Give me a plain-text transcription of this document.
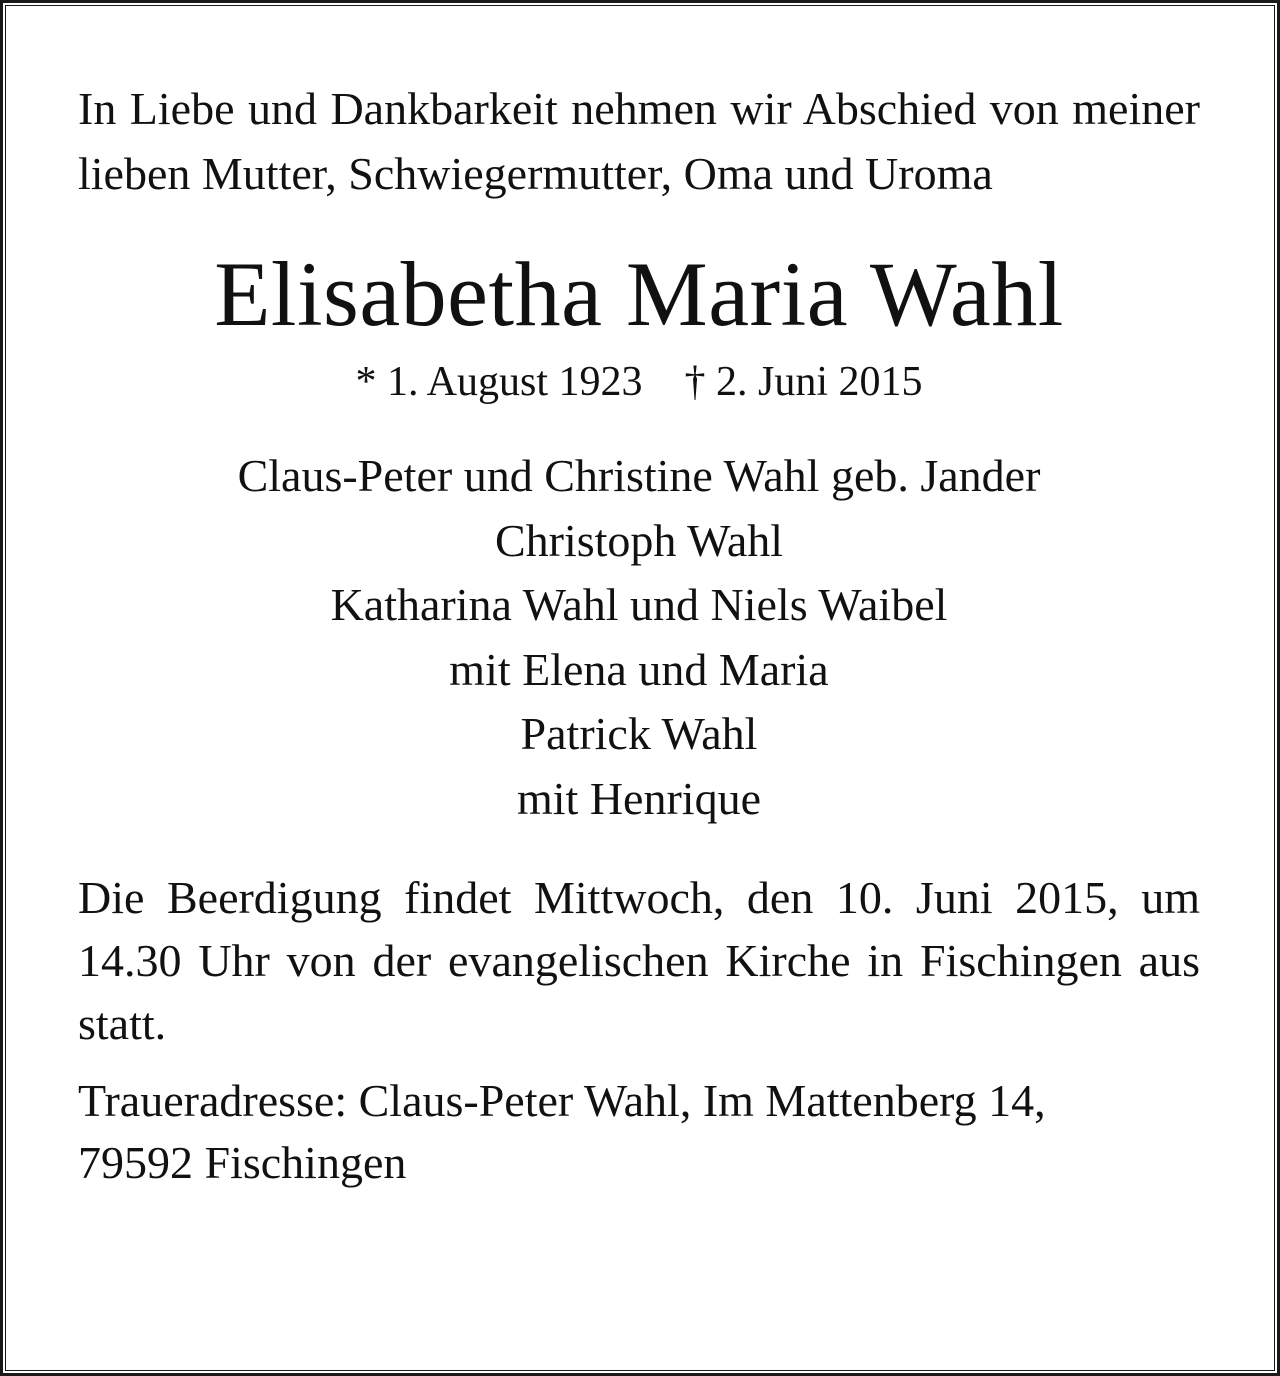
In Liebe und Dankbarkeit nehmen wir Abschied von meiner lieben Mutter, Schwiegermutter, Oma und Uroma

Elisabetha Maria Wahl
* 1. August 1923 † 2. Juni 2015
Claus-Peter und Christine Wahl geb. Jander
Christoph Wahl
Katharina Wahl und Niels Waibel
mit Elena und Maria
Patrick Wahl
mit Henrique

Die Beerdigung findet Mittwoch, den 10. Juni 2015, um 14.30 Uhr von der evangelischen Kirche in Fischingen aus statt.

Traueradresse: Claus-Peter Wahl, Im Mattenberg 14,
79592 Fischingen
